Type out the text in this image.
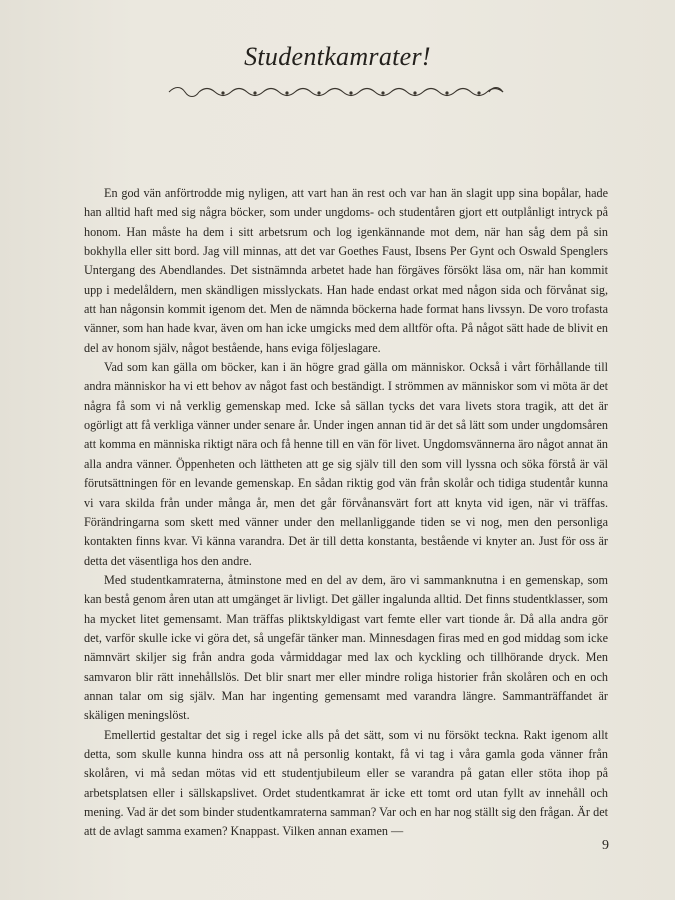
Studentkamrater!

En god vän anförtrodde mig nyligen, att vart han än rest och var han än slagit upp sina bopålar, hade han alltid haft med sig några böcker, som under ungdoms- och studentåren gjort ett outplånligt intryck på honom. Han måste ha dem i sitt arbetsrum och log igenkännande mot dem, när han såg dem på sin bokhylla eller sitt bord. Jag vill minnas, att det var Goethes Faust, Ibsens Per Gynt och Oswald Spenglers Untergang des Abendlandes. Det sistnämnda arbetet hade han förgäves försökt läsa om, när han kommit upp i medelåldern, men skändligen misslyckats. Han hade endast orkat med någon sida och förvånat sig, att han någonsin kommit igenom det. Men de nämnda böckerna hade format hans livssyn. De voro trofasta vänner, som han hade kvar, även om han icke umgicks med dem alltför ofta. På något sätt hade de blivit en del av honom själv, något bestående, hans eviga följeslagare.

Vad som kan gälla om böcker, kan i än högre grad gälla om människor. Också i vårt förhållande till andra människor ha vi ett behov av något fast och beständigt. I strömmen av människor som vi möta är det några få som vi nå verklig gemenskap med. Icke så sällan tycks det vara livets stora tragik, att det är ogörligt att få verkliga vänner under senare år. Under ingen annan tid är det så lätt som under ungdomsåren att komma en människa riktigt nära och få henne till en vän för livet. Ungdomsvännerna äro något annat än alla andra vänner. Öppenheten och lättheten att ge sig själv till den som vill lyssna och söka förstå är väl förutsättningen för en levande gemenskap. En sådan riktig god vän från skolår och tidiga studentår kunna vi vara skilda från under många år, men det går förvånansvärt fort att knyta vid igen, när vi träffas. Förändringarna som skett med vänner under den mellanliggande tiden se vi nog, men den personliga kontakten finns kvar. Vi känna varandra. Det är till detta konstanta, bestående vi knyter an. Just för oss är detta det väsentliga hos den andre.

Med studentkamraterna, åtminstone med en del av dem, äro vi sammanknutna i en gemenskap, som kan bestå genom åren utan att umgänget är livligt. Det gäller ingalunda alltid. Det finns studentklasser, som ha mycket litet gemensamt. Man träffas pliktskyldigast vart femte eller vart tionde år. Då alla andra gör det, varför skulle icke vi göra det, så ungefär tänker man. Minnesdagen firas med en god middag som icke nämnvärt skiljer sig från andra goda vårmiddagar med lax och kyckling och tillhörande dryck. Men samvaron blir rätt innehållslös. Det blir snart mer eller mindre roliga historier från skolåren och en och annan talar om sig själv. Man har ingenting gemensamt med varandra längre. Sammanträffandet är skäligen meningslöst.

Emellertid gestaltar det sig i regel icke alls på det sätt, som vi nu försökt teckna. Rakt igenom allt detta, som skulle kunna hindra oss att nå personlig kontakt, få vi tag i våra gamla goda vänner från skolåren, vi må sedan mötas vid ett studentjubileum eller se varandra på gatan eller stöta ihop på arbetsplatsen eller i sällskapslivet. Ordet studentkamrat är icke ett tomt ord utan fyllt av innehåll och mening. Vad är det som binder studentkamraterna samman? Var och en har nog ställt sig den frågan. Är det att de avlagt samma examen? Knappast. Vilken annan examen —

9
